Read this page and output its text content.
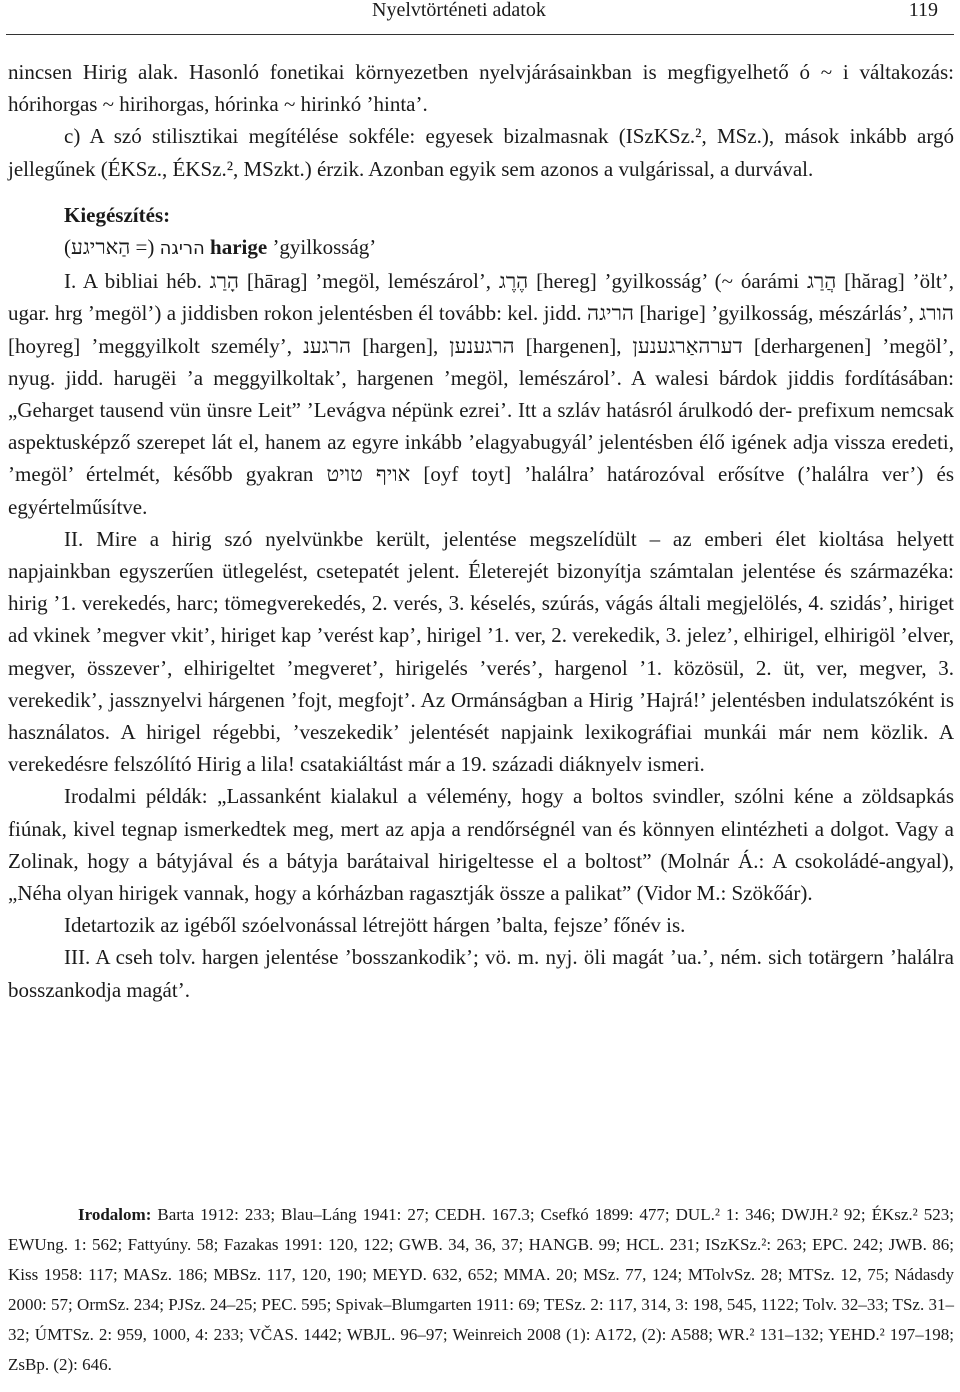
Nyelvtörténeti adatok	119

nincsen Hirig alak. Hasonló fonetikai környezetben nyelvjárásainkban is megfigyelhető ó ~ i váltakozás: hórihorgas ~ hirihorgas, hórinka ~ hirinkó ’hinta’.

c) A szó stilisztikai megítélése sokféle: egyesek bizalmasnak (ISzKSz.², MSz.), mások inkább argó jellegűnek (ÉKSz., ÉKSz.², MSzkt.) érzik. Azonban egyik sem azonos a vulgárissal, a durvával.

Kiegészítés:

הריגה (= הַאריגע)	harige ’gyilkosság’

I. A bibliai héb. הָרַג [hārag] ’megöl, lemészárol’, הֶרֶג [hereg] ’gyilkosság’ (~ óarámi הֲרַג [hărag] ’ölt’, ugar. hrg ’megöl’) a jiddisben rokon jelentésben él tovább: kel. jidd. הריגה [harige] ’gyilkosság, mészárlás’, הורג [hoyreg] ’meggyilkolt személy’, הרגענ [hargen], הרגענען [hargenen], דערהאַרגענען [derhargenen] ’megöl’, nyug. jidd. harugëi ’a meggyilkoltak’, hargenen ’megöl, lemészárol’. A walesi bárdok jiddis fordításában: „Geharget tausend vün ünsre Leit” ’Levágva népünk ezrei’. Itt a szláv hatásról árulkodó der- prefixum nemcsak aspektusképző szerepet lát el, hanem az egyre inkább ’elagyabugyál’ jelentésben élő igének adja vissza eredeti, ’megöl’ értelmét, később gyakran אויף טויט [oyf toyt] ’halálra’ határozóval erősítve (’halálra ver’) és egyértelműsítve.

II. Mire a hirig szó nyelvünkbe került, jelentése megszelídült – az emberi élet kioltása helyett napjainkban egyszerűen ütlegelést, csetepatét jelent. Életerejét bizonyítja számtalan jelentése és származéka: hirig ’1. verekedés, harc; tömegverekedés, 2. verés, 3. késelés, szúrás, vágás általi megjelölés, 4. szidás’, hiriget ad vkinek ’megver vkit’, hiriget kap ’verést kap’, hirigel ’1. ver, 2. verekedik, 3. jelez’, elhirigel, elhirigöl ’elver, megver, összever’, elhirigeltet ’megveret’, hirigelés ’verés’, hargenol ’1. közösül, 2. üt, ver, megver, 3. verekedik’, jassznyelvi hárgenen ’fojt, megfojt’. Az Ormánságban a Hirig ’Hajrá!’ jelentésben indulatszóként is használatos. A hirigel régebbi, ’veszekedik’ jelentését napjaink lexikográfiai munkái már nem közlik. A verekedésre felszólító Hirig a lila! csatakiáltást már a 19. századi diáknyelv ismeri.

Irodalmi példák: „Lassanként kialakul a vélemény, hogy a boltos svindler, szólni kéne a zöldsapkás fiúnak, kivel tegnap ismerkedtek meg, mert az apja a rendőrségnél van és könnyen elintézheti a dolgot. Vagy a Zolinak, hogy a bátyjával és a bátyja barátaival hirigeltesse el a boltost” (Molnár Á.: A csokoládé-angyal), „Néha olyan hirigek vannak, hogy a kórházban ragasztják össze a palikat” (Vidor M.: Szökőár).

Idetartozik az igéből szóelvonással létrejött hárgen ’balta, fejsze’ főnév is.

III. A cseh tolv. hargen jelentése ’bosszankodik’; vö. m. nyj. öli magát ’ua.’, ném. sich totärgern ’halálra bosszankodja magát’.

Irodalom: Barta 1912: 233; Blau–Láng 1941: 27; CEDH. 167.3; Csefkó 1899: 477; DUL.² 1: 346; DWJH.² 92; ÉKsz.² 523; EWUng. 1: 562; Fattyúny. 58; Fazakas 1991: 120, 122; GWB. 34, 36, 37; HANGB. 99; HCL. 231; ISzKSz.²: 263; EPC. 242; JWB. 86; Kiss 1958: 117; MASz. 186; MBSz. 117, 120, 190; MEYD. 632, 652; MMA. 20; MSz. 77, 124; MTolvSz. 28; MTSz. 12, 75; Nádasdy 2000: 57; OrmSz. 234; PJSz. 24–25; PEC. 595; Spivak–Blumgarten 1911: 69; TESz. 2: 117, 314, 3: 198, 545, 1122; Tolv. 32–33; TSz. 31–32; ÚMTSz. 2: 959, 1000, 4: 233; VČAS. 1442; WBJL. 96–97; Weinreich 2008 (1): A172, (2): A588; WR.² 131–132; YEHD.² 197–198; ZsBp. (2): 646.
